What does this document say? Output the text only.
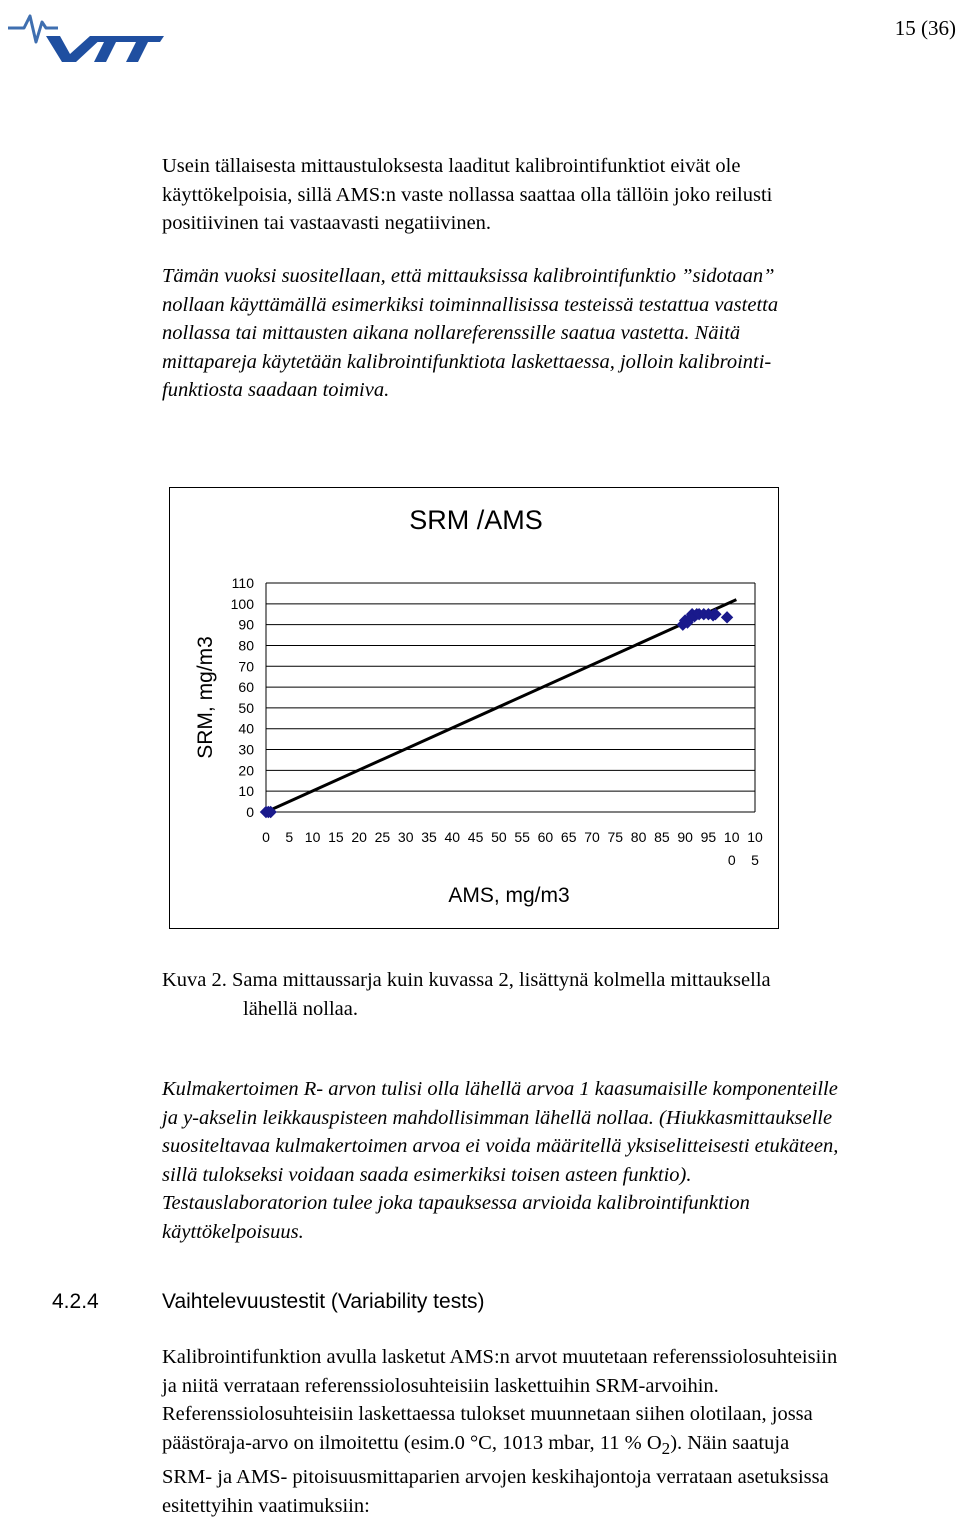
15 (36)

Usein tällaisesta mittaustuloksesta laaditut kalibrointifunktiot eivät ole
käyttökelpoisia, sillä AMS:n vaste nollassa saattaa olla tällöin joko reilusti
positiivinen tai vastaavasti negatiivinen.

Tämän vuoksi suositellaan, että mittauksissa kalibrointifunktio ”sidotaan”
nollaan käyttämällä esimerkiksi toiminnallisissa testeissä testattua vastetta
nollassa tai mittausten aikana nollareferenssille saatua vastetta. Näitä
mittapareja käytetään kalibrointifunktiota laskettaessa, jolloin kalibrointi-
funktiosta saadaan toimiva.

SRM /AMS
SRM, mg/m3
AMS, mg/m3
0
10
20
30
40
50
60
70
80
90
100
110
0 5 10 15 20 25 30 35 40 45 50 55 60 65 70 75 80 85 90 95 10 0
10 5
Kuva 2. Sama mittaussarja kuin kuvassa 2, lisättynä kolmella mittauksella
lähellä nollaa.

Kulmakertoimen R- arvon tulisi olla lähellä arvoa 1 kaasumaisille komponenteille
ja y-akselin leikkauspisteen mahdollisimman lähellä nollaa. (Hiukkasmittaukselle
suositeltavaa kulmakertoimen arvoa ei voida määritellä yksiselitteisesti etukäteen,
sillä tulokseksi voidaan saada esimerkiksi toisen asteen funktio).
Testauslaboratorion tulee joka tapauksessa arvioida kalibrointifunktion
käyttökelpoisuus.

4.2.4	Vaihtelevuustestit (Variability tests)

Kalibrointifunktion avulla lasketut AMS:n arvot muutetaan referenssiolosuhteisiin
ja niitä verrataan referenssiolosuhteisiin laskettuihin SRM-arvoihin.
Referenssiolosuhteisiin laskettaessa tulokset muunnetaan siihen olotilaan, jossa
päästöraja-arvo on ilmoitettu (esim.0 °C, 1013 mbar, 11 % $O_2$). Näin saatuja
SRM- ja AMS- pitoisuusmittaparien arvojen keskihajontoja verrataan asetuksissa
esitettyihin vaatimuksiin:
